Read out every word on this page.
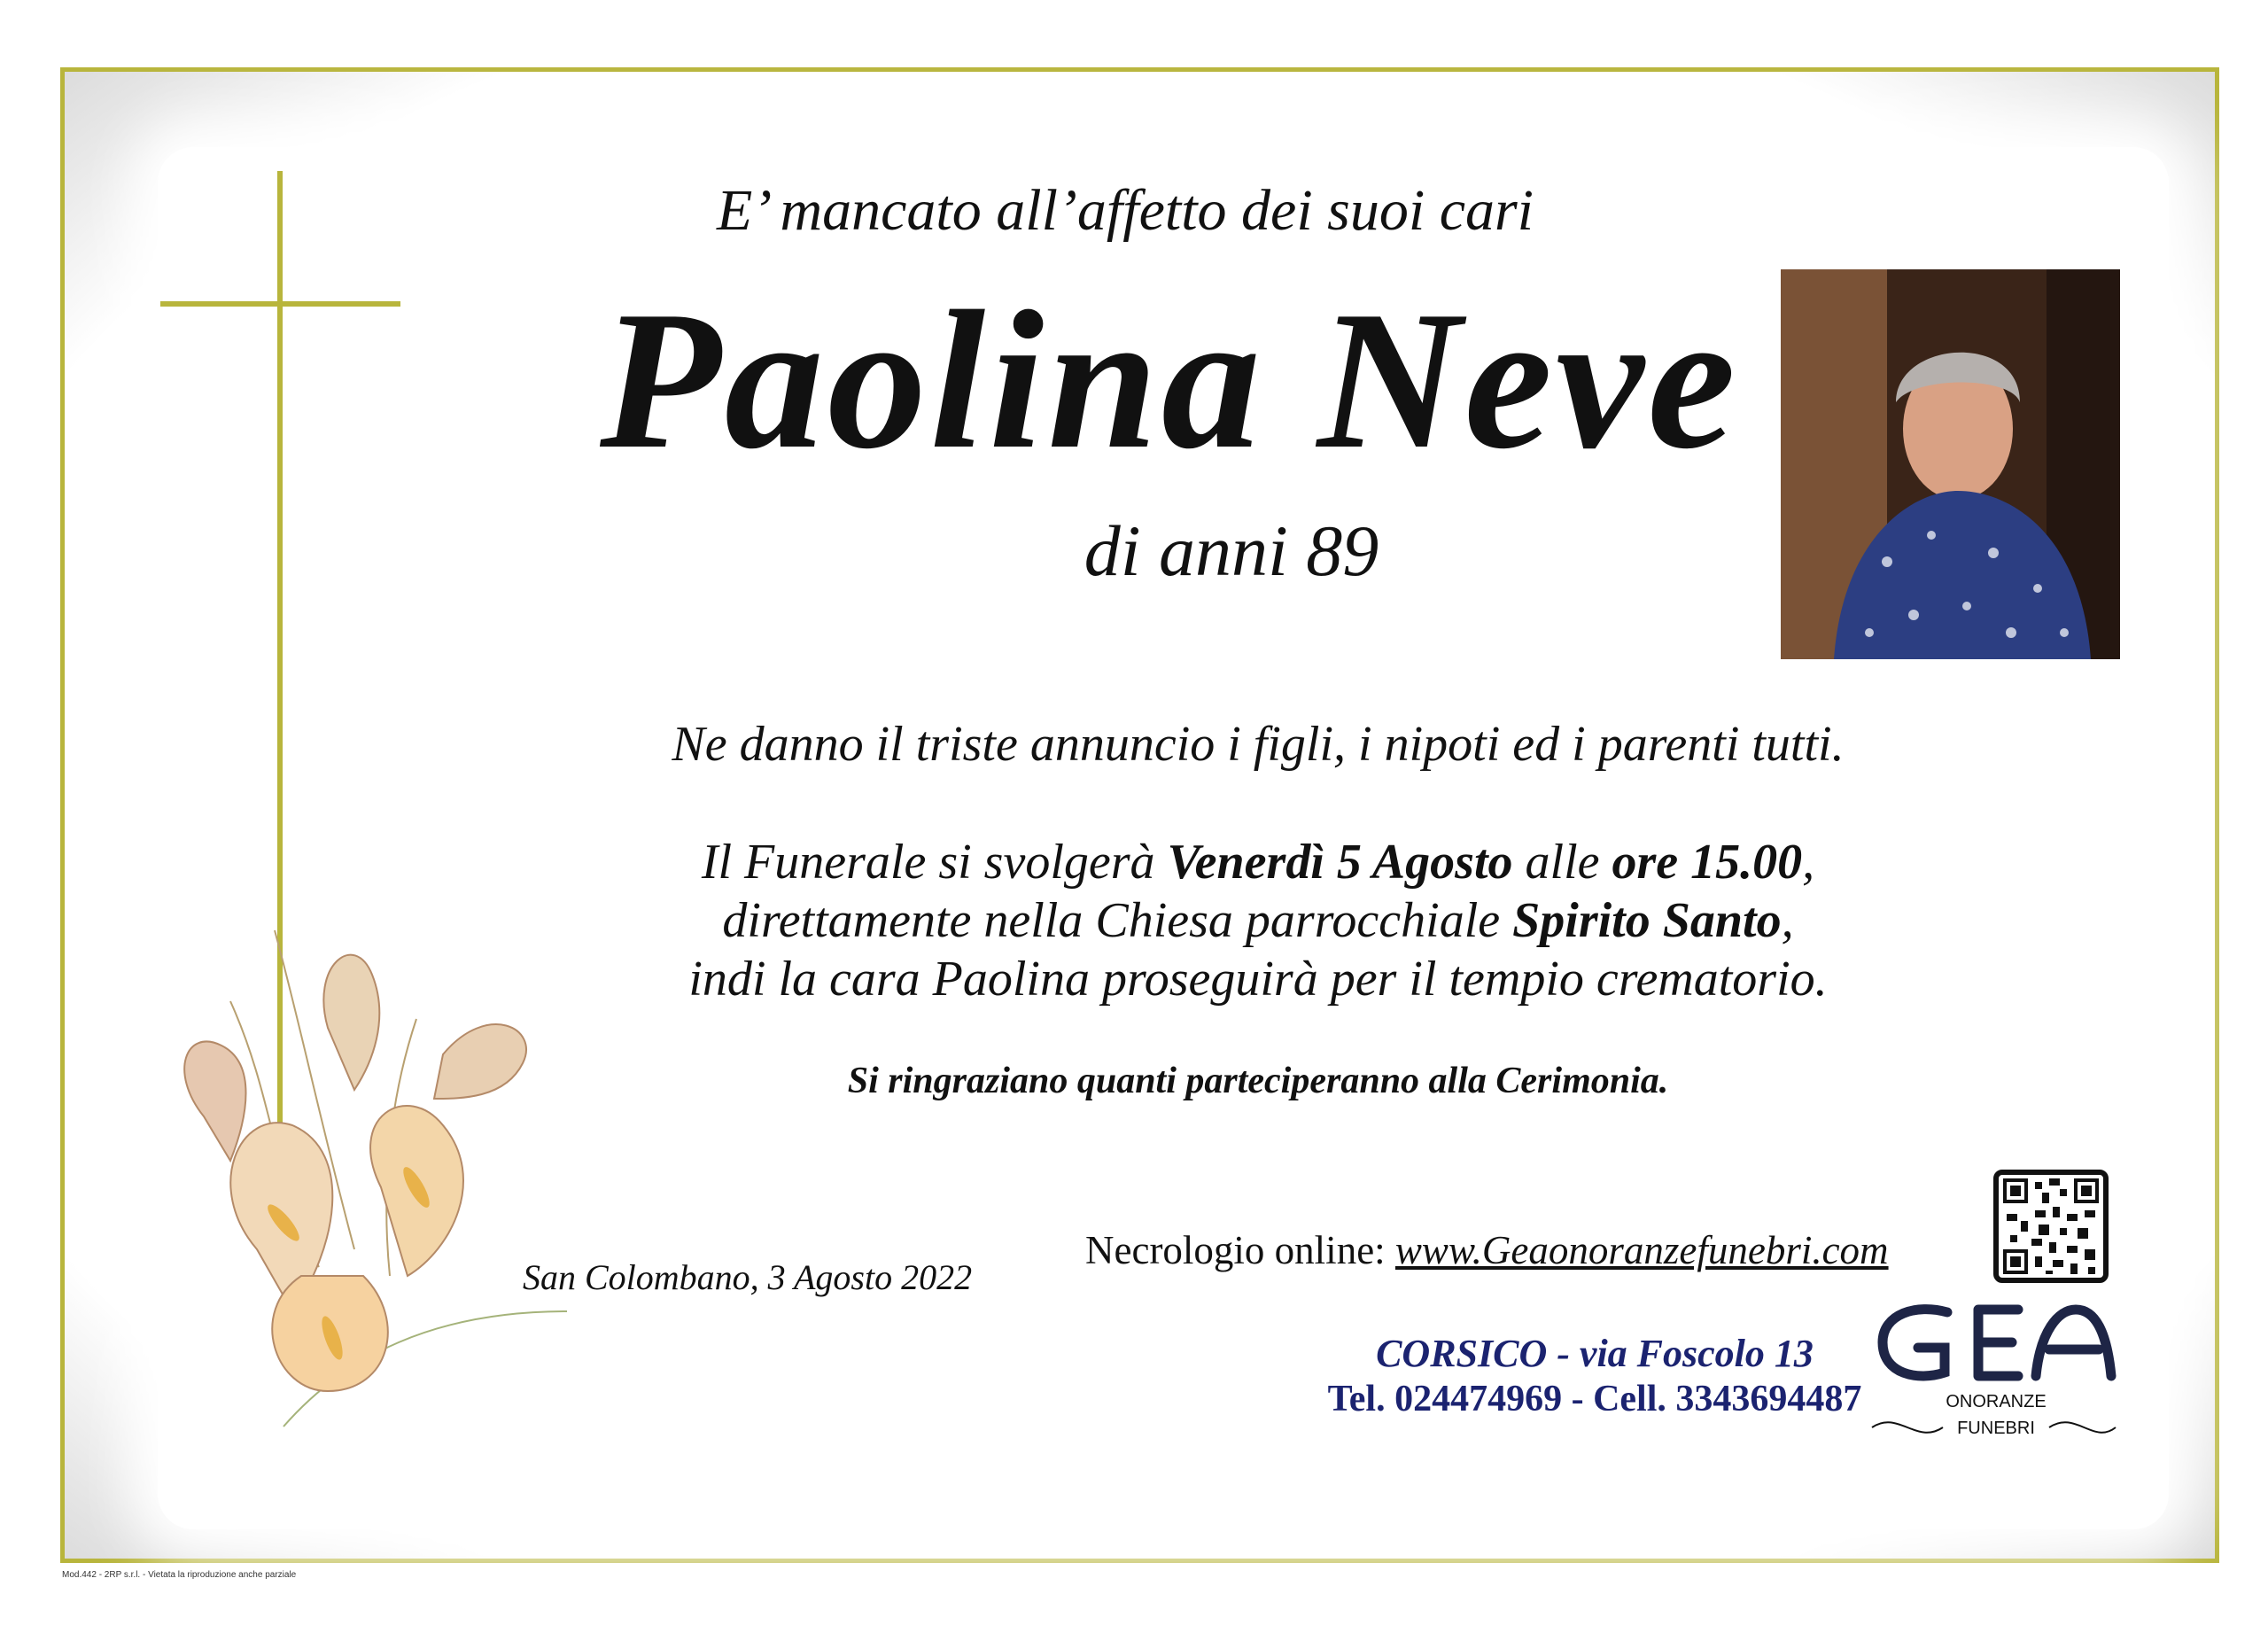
E’ mancato all’affetto dei suoi cari
Paolina Neve
di anni 89
Ne danno il triste annuncio i figli, i nipoti ed i parenti tutti.
Il Funerale si svolgerà Venerdì 5 Agosto alle ore 15.00,
direttamente nella Chiesa parrocchiale Spirito Santo,
indi la cara Paolina proseguirà per il tempio crematorio.
Si ringraziano quanti parteciperanno alla Cerimonia.
San Colombano, 3 Agosto 2022
Necrologio online: www.Geaonoranzefunebri.com
CORSICO - via Foscolo 13
Tel. 024474969 - Cell. 3343694487	ONORANZE
FUNEBRI
Mod.442 - 2RP s.r.l. - Vietata la riproduzione anche parziale
